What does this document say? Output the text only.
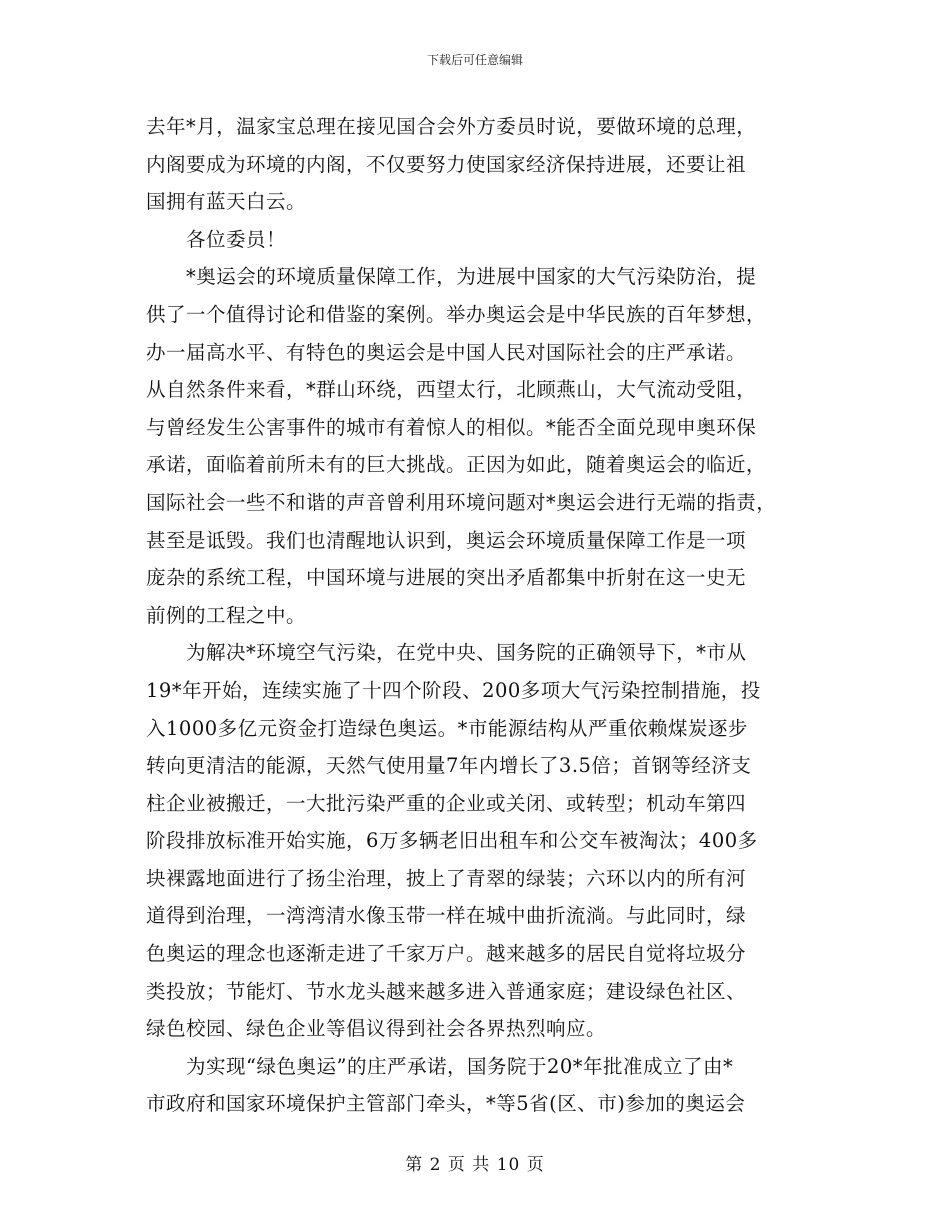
下载后可任意编辑
去年*月，温家宝总理在接见国合会外方委员时说，要做环境的总理，
内阁要成为环境的内阁，不仅要努力使国家经济保持进展，还要让祖
国拥有蓝天白云。
各位委员！
*奥运会的环境质量保障工作，为进展中国家的大气污染防治，提
供了一个值得讨论和借鉴的案例。举办奥运会是中华民族的百年梦想，
办一届高水平、有特色的奥运会是中国人民对国际社会的庄严承诺。
从自然条件来看，*群山环绕，西望太行，北顾燕山，大气流动受阻，
与曾经发生公害事件的城市有着惊人的相似。*能否全面兑现申奥环保
承诺，面临着前所未有的巨大挑战。正因为如此，随着奥运会的临近，
国际社会一些不和谐的声音曾利用环境问题对*奥运会进行无端的指责，
甚至是诋毁。我们也清醒地认识到，奥运会环境质量保障工作是一项
庞杂的系统工程，中国环境与进展的突出矛盾都集中折射在这一史无
前例的工程之中。
为解决*环境空气污染，在党中央、国务院的正确领导下，*市从
19*年开始，连续实施了十四个阶段、200多项大气污染控制措施，投
入1000多亿元资金打造绿色奥运。*市能源结构从严重依赖煤炭逐步
转向更清洁的能源，天然气使用量7年内增长了3.5倍；首钢等经济支
柱企业被搬迁，一大批污染严重的企业或关闭、或转型；机动车第四
阶段排放标准开始实施，6万多辆老旧出租车和公交车被淘汰；400多
块裸露地面进行了扬尘治理，披上了青翠的绿装；六环以内的所有河
道得到治理，一湾湾清水像玉带一样在城中曲折流淌。与此同时，绿
色奥运的理念也逐渐走进了千家万户。越来越多的居民自觉将垃圾分
类投放；节能灯、节水龙头越来越多进入普通家庭；建设绿色社区、
绿色校园、绿色企业等倡议得到社会各界热烈响应。
为实现“绿色奥运”的庄严承诺，国务院于20*年批准成立了由*
市政府和国家环境保护主管部门牵头，*等5省(区、市)参加的奥运会
第 2 页 共 10 页
